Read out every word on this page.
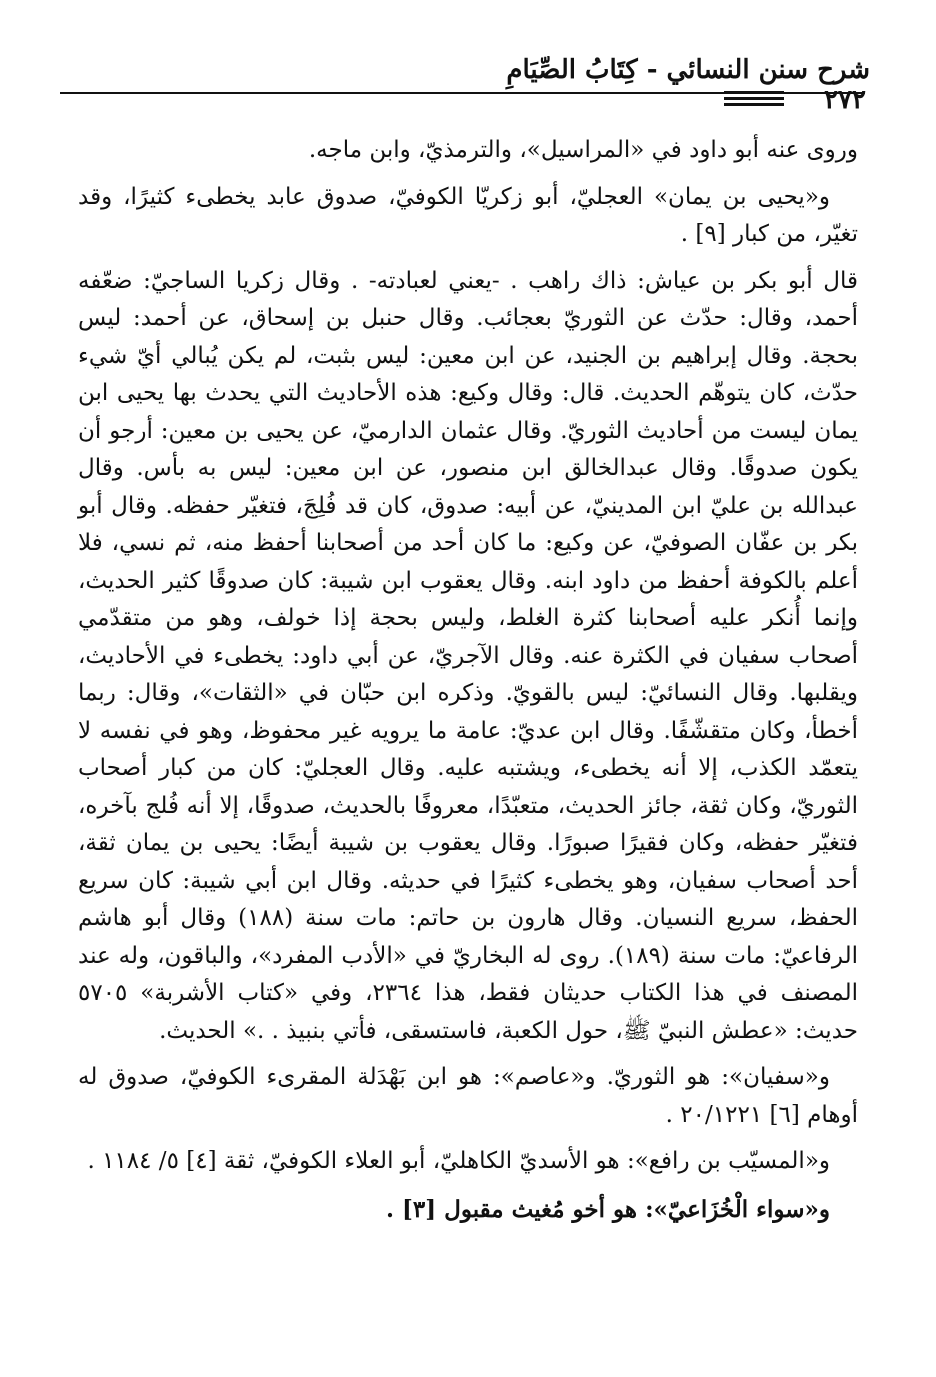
شرح سنن النسائي - كِتَابُ الصِّيَامِ
٢٧٢

وروى عنه أبو داود في «المراسيل»، والترمذيّ، وابن ماجه.

و«يحيى بن يمان» العجليّ، أبو زكريّا الكوفيّ، صدوق عابد يخطىء كثيرًا، وقد تغيّر، من كبار [٩] .

قال أبو بكر بن عياش: ذاك راهب . -يعني لعبادته- . وقال زكريا الساجيّ: ضعّفه أحمد، وقال: حدّث عن الثوريّ بعجائب. وقال حنبل بن إسحاق، عن أحمد: ليس بحجة. وقال إبراهيم بن الجنيد، عن ابن معين: ليس بثبت، لم يكن يُبالي أيّ شيء حدّث، كان يتوهّم الحديث. قال: وقال وكيع: هذه الأحاديث التي يحدث بها يحيى ابن يمان ليست من أحاديث الثوريّ. وقال عثمان الدارميّ، عن يحيى بن معين: أرجو أن يكون صدوقًا. وقال عبدالخالق ابن منصور، عن ابن معين: ليس به بأس. وقال عبدالله بن عليّ ابن المدينيّ، عن أبيه: صدوق، كان قد فُلِجَ، فتغيّر حفظه. وقال أبو بكر بن عفّان الصوفيّ، عن وكيع: ما كان أحد من أصحابنا أحفظ منه، ثم نسي، فلا أعلم بالكوفة أحفظ من داود ابنه. وقال يعقوب ابن شيبة: كان صدوقًا كثير الحديث، وإنما أُنكر عليه أصحابنا كثرة الغلط، وليس بحجة إذا خولف، وهو من متقدّمي أصحاب سفيان في الكثرة عنه. وقال الآجريّ، عن أبي داود: يخطىء في الأحاديث، ويقلبها. وقال النسائيّ: ليس بالقويّ. وذكره ابن حبّان في «الثقات»، وقال: ربما أخطأ، وكان متقشّفًا. وقال ابن عديّ: عامة ما يرويه غير محفوظ، وهو في نفسه لا يتعمّد الكذب، إلا أنه يخطىء، ويشتبه عليه. وقال العجليّ: كان من كبار أصحاب الثوريّ، وكان ثقة، جائز الحديث، متعبّدًا، معروفًا بالحديث، صدوقًا، إلا أنه فُلج بآخره، فتغيّر حفظه، وكان فقيرًا صبورًا. وقال يعقوب بن شيبة أيضًا: يحيى بن يمان ثقة، أحد أصحاب سفيان، وهو يخطىء كثيرًا في حديثه. وقال ابن أبي شيبة: كان سريع الحفظ، سريع النسيان. وقال هارون بن حاتم: مات سنة (١٨٨) وقال أبو هاشم الرفاعيّ: مات سنة (١٨٩). روى له البخاريّ في «الأدب المفرد»، والباقون، وله عند المصنف في هذا الكتاب حديثان فقط، هذا ٢٣٦٤، وفي «كتاب الأشربة» ٥٧٠٥ حديث: «عطش النبيّ ﷺ، حول الكعبة، فاستسقى، فأتي بنبيذ . .» الحديث.

و«سفيان»: هو الثوريّ. و«عاصم»: هو ابن بَهْدَلة المقرىء الكوفيّ، صدوق له أوهام [٦] ٢٠/١٢٢١ .

و«المسيّب بن رافع»: هو الأسديّ الكاهليّ، أبو العلاء الكوفيّ، ثقة [٤] ٥/ ١١٨٤ .

و«سواء الْخُزَاعيّ»: هو أخو مُغيث مقبول [٣] .
